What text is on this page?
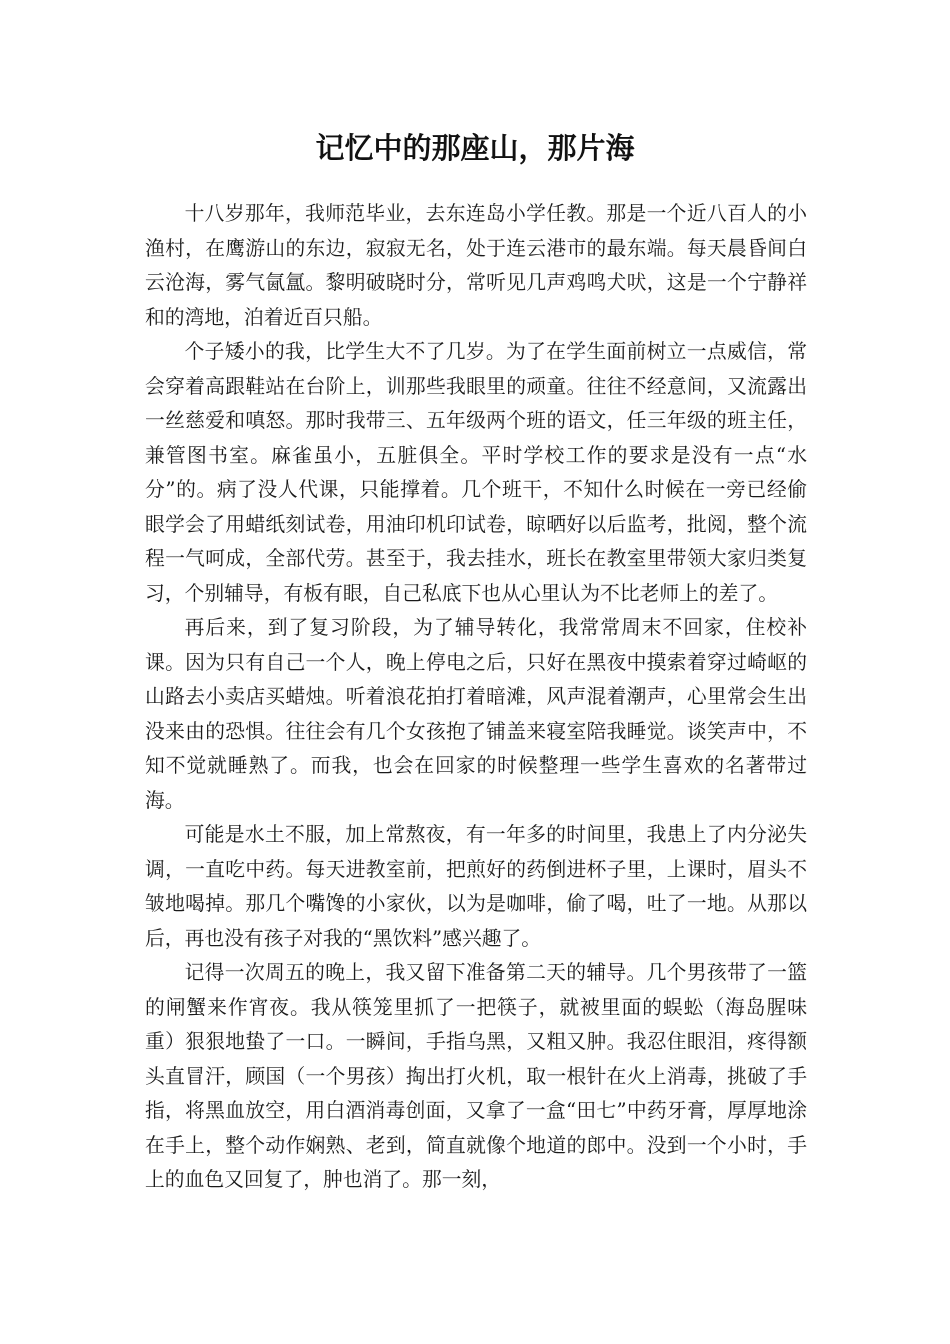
记忆中的那座山，那片海

十八岁那年，我师范毕业，去东连岛小学任教。那是一个近八百人的小渔村，在鹰游山的东边，寂寂无名，处于连云港市的最东端。每天晨昏间白云沧海，雾气氤氲。黎明破晓时分，常听见几声鸡鸣犬吠，这是一个宁静祥和的湾地，泊着近百只船。

个子矮小的我，比学生大不了几岁。为了在学生面前树立一点威信，常会穿着高跟鞋站在台阶上，训那些我眼里的顽童。往往不经意间，又流露出一丝慈爱和嗔怒。那时我带三、五年级两个班的语文，任三年级的班主任，兼管图书室。麻雀虽小，五脏俱全。平时学校工作的要求是没有一点“水分”的。病了没人代课，只能撑着。几个班干，不知什么时候在一旁已经偷眼学会了用蜡纸刻试卷，用油印机印试卷，晾晒好以后监考，批阅，整个流程一气呵成，全部代劳。甚至于，我去挂水，班长在教室里带领大家归类复习，个别辅导，有板有眼，自己私底下也从心里认为不比老师上的差了。

再后来，到了复习阶段，为了辅导转化，我常常周末不回家，住校补课。因为只有自己一个人，晚上停电之后，只好在黑夜中摸索着穿过崎岖的山路去小卖店买蜡烛。听着浪花拍打着暗滩，风声混着潮声，心里常会生出没来由的恐惧。往往会有几个女孩抱了铺盖来寝室陪我睡觉。谈笑声中，不知不觉就睡熟了。而我，也会在回家的时候整理一些学生喜欢的名著带过海。

可能是水土不服，加上常熬夜，有一年多的时间里，我患上了内分泌失调，一直吃中药。每天进教室前，把煎好的药倒进杯子里，上课时，眉头不皱地喝掉。那几个嘴馋的小家伙，以为是咖啡，偷了喝，吐了一地。从那以后，再也没有孩子对我的“黑饮料”感兴趣了。

记得一次周五的晚上，我又留下准备第二天的辅导。几个男孩带了一篮的闸蟹来作宵夜。我从筷笼里抓了一把筷子，就被里面的蜈蚣（海岛腥味重）狠狠地蛰了一口。一瞬间，手指乌黑，又粗又肿。我忍住眼泪，疼得额头直冒汗，顾国（一个男孩）掏出打火机，取一根针在火上消毒，挑破了手指，将黑血放空，用白酒消毒创面，又拿了一盒“田七”中药牙膏，厚厚地涂在手上，整个动作娴熟、老到，简直就像个地道的郎中。没到一个小时，手上的血色又回复了，肿也消了。那一刻，
